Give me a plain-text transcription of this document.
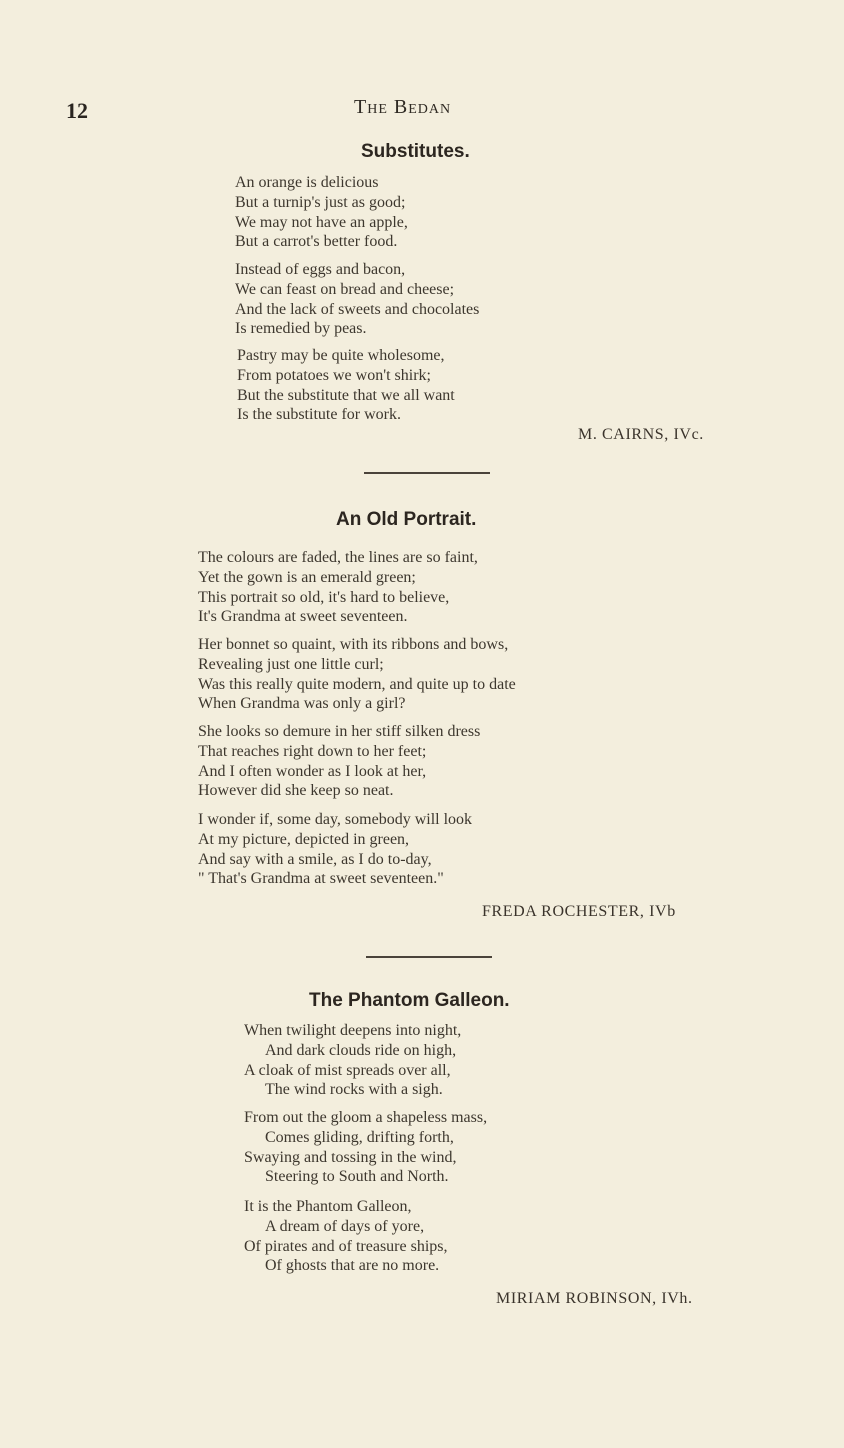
12	The Bedan
Substitutes.
An orange is delicious
But a turnip's just as good;
We may not have an apple,
But a carrot's better food.
Instead of eggs and bacon,
We can feast on bread and cheese;
And the lack of sweets and chocolates
Is remedied by peas.
Pastry may be quite wholesome,
From potatoes we won't shirk;
But the substitute that we all want
Is the substitute for work.
M. CAIRNS, IVc.
An Old Portrait.
The colours are faded, the lines are so faint,
Yet the gown is an emerald green;
This portrait so old, it's hard to believe,
It's Grandma at sweet seventeen.
Her bonnet so quaint, with its ribbons and bows,
Revealing just one little curl;
Was this really quite modern, and quite up to date
When Grandma was only a girl?
She looks so demure in her stiff silken dress
That reaches right down to her feet;
And I often wonder as I look at her,
However did she keep so neat.
I wonder if, some day, somebody will look
At my picture, depicted in green,
And say with a smile, as I do to-day,
" That's Grandma at sweet seventeen."
FREDA ROCHESTER, IVb
The Phantom Galleon.
When twilight deepens into night,
And dark clouds ride on high,
A cloak of mist spreads over all,
The wind rocks with a sigh.
From out the gloom a shapeless mass,
Comes gliding, drifting forth,
Swaying and tossing in the wind,
Steering to South and North.
It is the Phantom Galleon,
A dream of days of yore,
Of pirates and of treasure ships,
Of ghosts that are no more.
MIRIAM ROBINSON, IVh.
